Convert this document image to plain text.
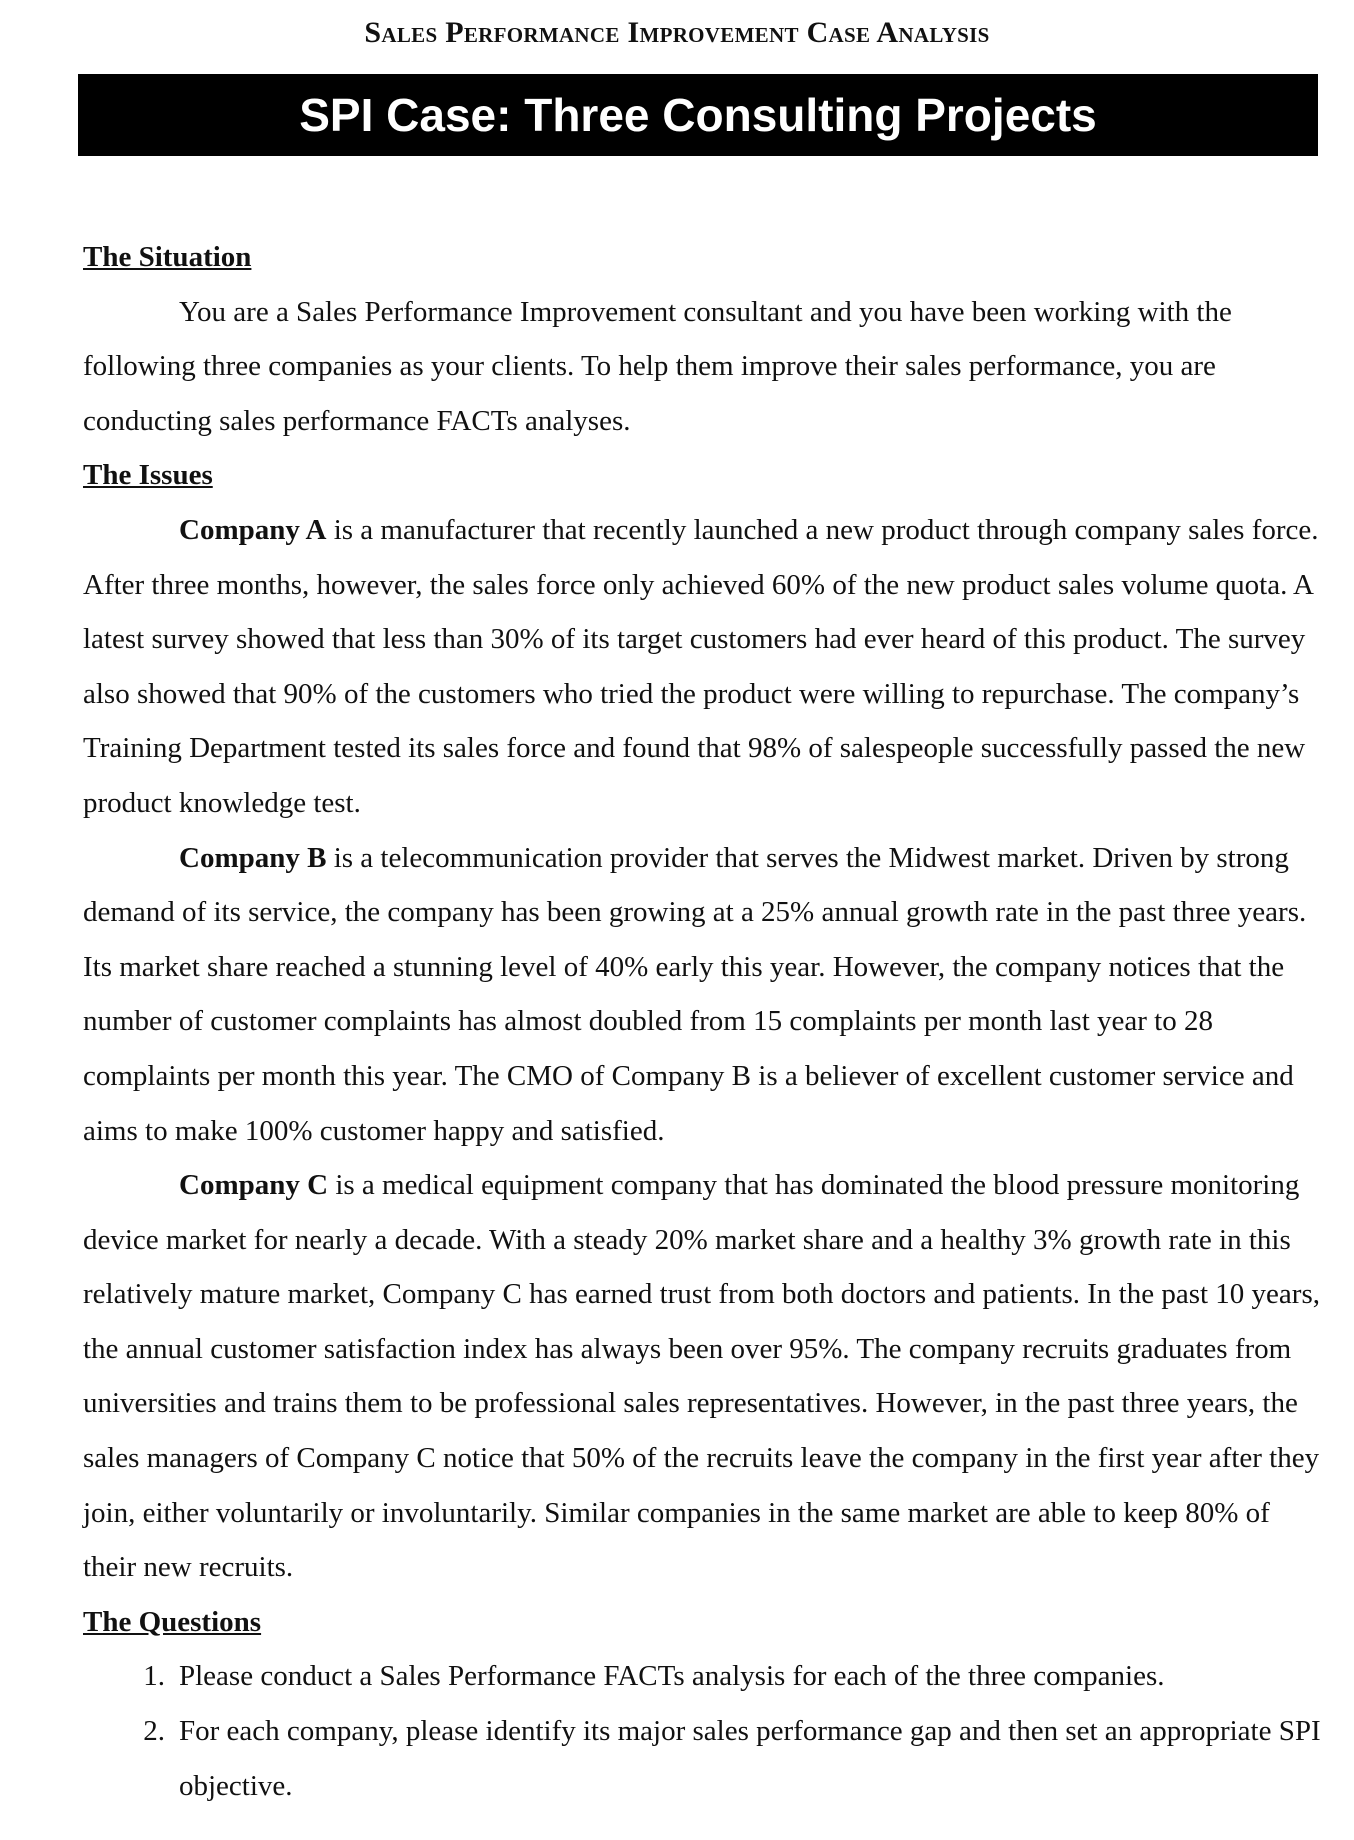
Sales Performance Improvement Case Analysis
SPI Case: Three Consulting Projects

The Situation

You are a Sales Performance Improvement consultant and you have been working with the following three companies as your clients. To help them improve their sales performance, you are conducting sales performance FACTs analyses.

The Issues

Company A is a manufacturer that recently launched a new product through company sales force. After three months, however, the sales force only achieved 60% of the new product sales volume quota. A latest survey showed that less than 30% of its target customers had ever heard of this product. The survey also showed that 90% of the customers who tried the product were willing to repurchase. The company’s Training Department tested its sales force and found that 98% of salespeople successfully passed the new product knowledge test.

Company B is a telecommunication provider that serves the Midwest market. Driven by strong demand of its service, the company has been growing at a 25% annual growth rate in the past three years. Its market share reached a stunning level of 40% early this year. However, the company notices that the number of customer complaints has almost doubled from 15 complaints per month last year to 28 complaints per month this year. The CMO of Company B is a believer of excellent customer service and aims to make 100% customer happy and satisfied.

Company C is a medical equipment company that has dominated the blood pressure monitoring device market for nearly a decade. With a steady 20% market share and a healthy 3% growth rate in this relatively mature market, Company C has earned trust from both doctors and patients. In the past 10 years, the annual customer satisfaction index has always been over 95%. The company recruits graduates from universities and trains them to be professional sales representatives. However, in the past three years, the sales managers of Company C notice that 50% of the recruits leave the company in the first year after they join, either voluntarily or involuntarily. Similar companies in the same market are able to keep 80% of their new recruits.

The Questions

1. Please conduct a Sales Performance FACTs analysis for each of the three companies.
2. For each company, please identify its major sales performance gap and then set an appropriate SPI objective.
